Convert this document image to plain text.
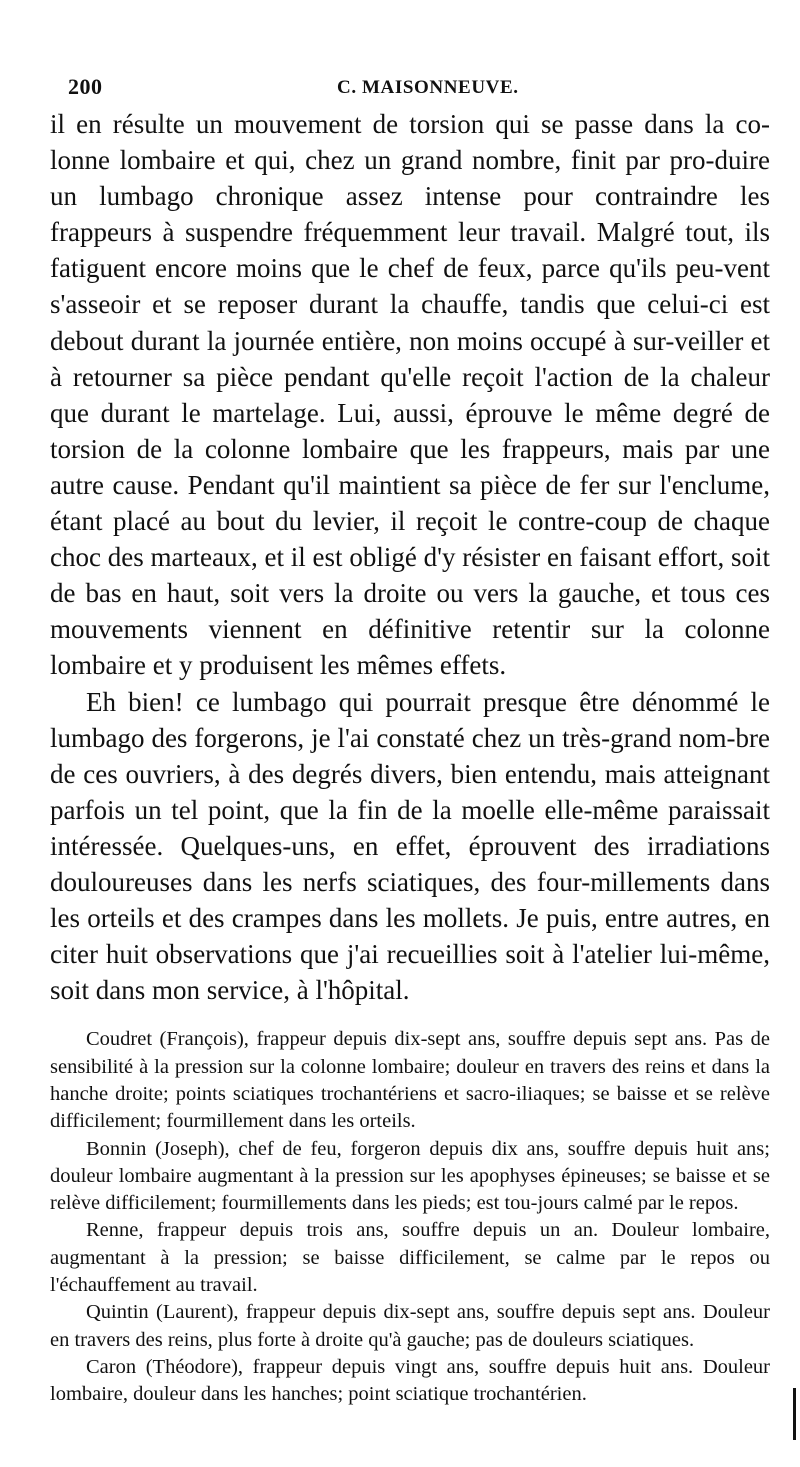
200	C. MAISONNEUVE.

il en résulte un mouvement de torsion qui se passe dans la co-lonne lombaire et qui, chez un grand nombre, finit par pro-duire un lumbago chronique assez intense pour contraindre les frappeurs à suspendre fréquemment leur travail. Malgré tout, ils fatiguent encore moins que le chef de feux, parce qu'ils peu-vent s'asseoir et se reposer durant la chauffe, tandis que celui-ci est debout durant la journée entière, non moins occupé à sur-veiller et à retourner sa pièce pendant qu'elle reçoit l'action de la chaleur que durant le martelage. Lui, aussi, éprouve le même degré de torsion de la colonne lombaire que les frappeurs, mais par une autre cause. Pendant qu'il maintient sa pièce de fer sur l'enclume, étant placé au bout du levier, il reçoit le contre-coup de chaque choc des marteaux, et il est obligé d'y résister en faisant effort, soit de bas en haut, soit vers la droite ou vers la gauche, et tous ces mouvements viennent en définitive retentir sur la colonne lombaire et y produisent les mêmes effets.

Eh bien! ce lumbago qui pourrait presque être dénommé le lumbago des forgerons, je l'ai constaté chez un très-grand nom-bre de ces ouvriers, à des degrés divers, bien entendu, mais atteignant parfois un tel point, que la fin de la moelle elle-même paraissait intéressée. Quelques-uns, en effet, éprouvent des irradiations douloureuses dans les nerfs sciatiques, des four-millements dans les orteils et des crampes dans les mollets. Je puis, entre autres, en citer huit observations que j'ai recueillies soit à l'atelier lui-même, soit dans mon service, à l'hôpital.

Coudret (François), frappeur depuis dix-sept ans, souffre depuis sept ans. Pas de sensibilité à la pression sur la colonne lombaire; douleur en travers des reins et dans la hanche droite; points sciatiques trochantériens et sacro-iliaques; se baisse et se relève difficilement; fourmillement dans les orteils.

Bonnin (Joseph), chef de feu, forgeron depuis dix ans, souffre depuis huit ans; douleur lombaire augmentant à la pression sur les apophyses épineuses; se baisse et se relève difficilement; fourmillements dans les pieds; est tou-jours calmé par le repos.

Renne, frappeur depuis trois ans, souffre depuis un an. Douleur lombaire, augmentant à la pression; se baisse difficilement, se calme par le repos ou l'échauffement au travail.

Quintin (Laurent), frappeur depuis dix-sept ans, souffre depuis sept ans. Douleur en travers des reins, plus forte à droite qu'à gauche; pas de douleurs sciatiques.

Caron (Théodore), frappeur depuis vingt ans, souffre depuis huit ans. Douleur lombaire, douleur dans les hanches; point sciatique trochantérien.
